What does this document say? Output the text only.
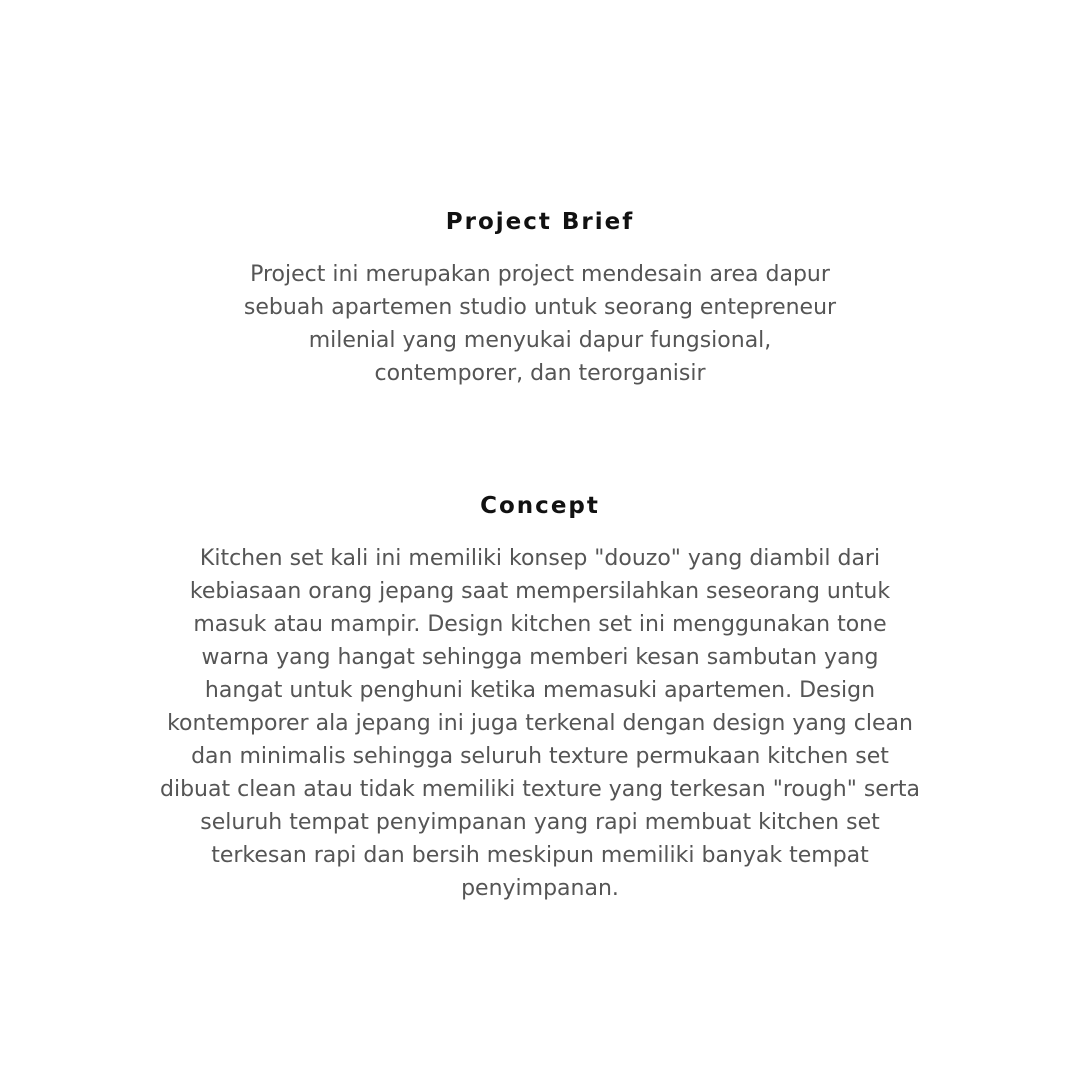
Project Brief

Project ini merupakan project mendesain area dapur
sebuah apartemen studio untuk seorang entepreneur
milenial yang menyukai dapur fungsional,
contemporer, dan terorganisir

Concept

Kitchen set kali ini memiliki konsep "douzo" yang diambil dari
kebiasaan orang jepang saat mempersilahkan seseorang untuk
masuk atau mampir. Design kitchen set ini menggunakan tone
warna yang hangat sehingga memberi kesan sambutan yang
hangat untuk penghuni ketika memasuki apartemen. Design
kontemporer ala jepang ini juga terkenal dengan design yang clean
dan minimalis sehingga seluruh texture permukaan kitchen set
dibuat clean atau tidak memiliki texture yang terkesan "rough" serta
seluruh tempat penyimpanan yang rapi membuat kitchen set
terkesan rapi dan bersih meskipun memiliki banyak tempat
penyimpanan.
